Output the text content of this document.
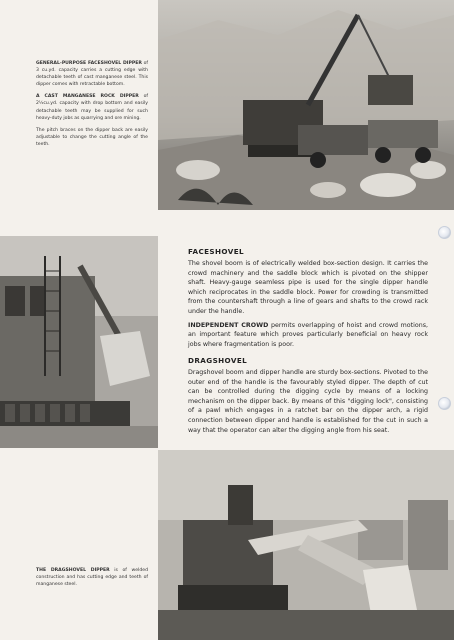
GENERAL-PURPOSE FACESHOVEL DIPPER of 3 cu.yd. capacity carries a cutting edge with detachable teeth of cast manganese steel. This dipper comes with retractable bottom.

A CAST MANGANESE ROCK DIPPER of 2½cu.yd. capacity with drop bottom and easily detachable teeth may be supplied for such heavy-duty jobs as quarrying and ore mining.

The pitch braces on the dipper back are easily adjustable to change the cutting angle of the teeth.

FACESHOVEL
The shovel boom is of electrically welded box-section design. It carries the crowd machinery and the saddle block which is pivoted on the shipper shaft. Heavy-gauge seamless pipe is used for the single dipper handle which reciprocates in the saddle block. Power for crowding is transmitted from the countershaft through a line of gears and shafts to the crowd rack under the handle.
INDEPENDENT CROWD permits overlapping of hoist and crowd motions, an important feature which proves particularly beneficial on heavy rock jobs where fragmentation is poor.
DRAGSHOVEL
Dragshovel boom and dipper handle are sturdy box-sections. Pivoted to the outer end of the handle is the favourably styled dipper. The depth of cut can be controlled during the digging cycle by means of a locking mechanism on the dipper back. By means of this "digging lock", consisting of a pawl which engages in a ratchet bar on the dipper arch, a rigid connection between dipper and handle is established for the cut in such a way that the operator can alter the digging angle from his seat.

THE DRAGSHOVEL DIPPER is of welded construction and has cutting edge and teeth of manganese steel.
